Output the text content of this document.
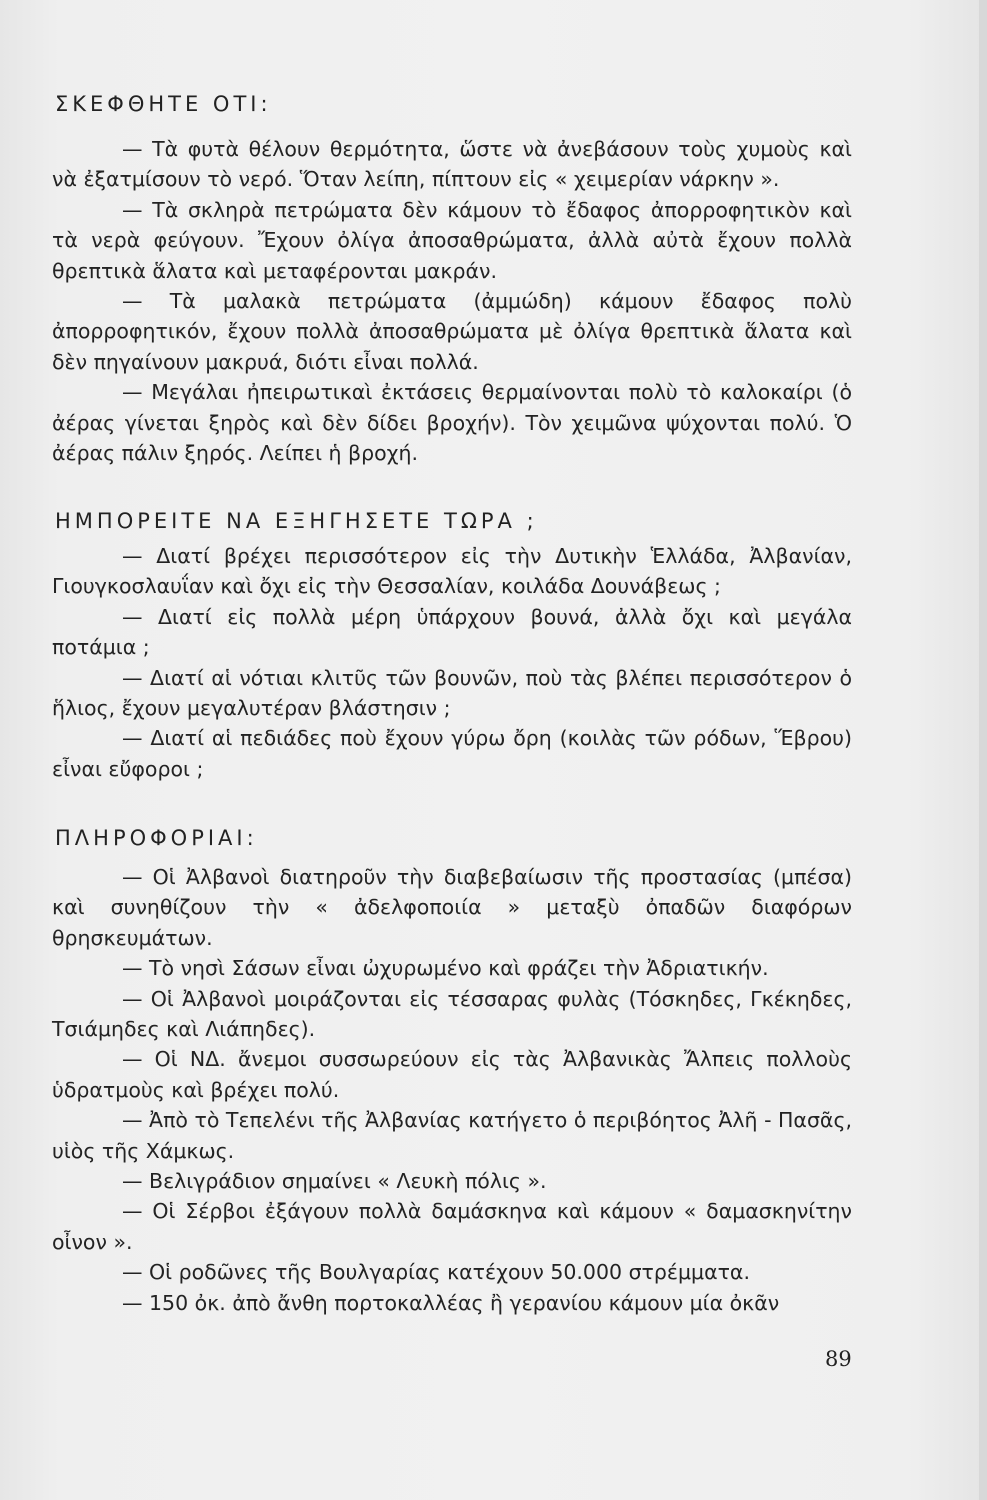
ΣΚΕΦΘΗΤΕ ΟΤΙ:

— Τὰ φυτὰ θέλουν θερμότητα, ὥστε νὰ ἀνεβάσουν τοὺς χυμοὺς καὶ νὰ ἐξατμίσουν τὸ νερό. Ὅταν λείπη, πίπτουν εἰς « χειμερίαν νάρκην ».

— Τὰ σκληρὰ πετρώματα δὲν κάμουν τὸ ἔδαφος ἀπορροφητικὸν καὶ τὰ νερὰ φεύγουν. Ἔχουν ὀλίγα ἀποσαθρώματα, ἀλλὰ αὐτὰ ἔχουν πολλὰ θρεπτικὰ ἅλατα καὶ μεταφέρονται μακράν.

— Τὰ μαλακὰ πετρώματα (ἀμμώδη) κάμουν ἔδαφος πολὺ ἀπορροφητικόν, ἔχουν πολλὰ ἀποσαθρώματα μὲ ὀλίγα θρεπτικὰ ἅλατα καὶ δὲν πηγαίνουν μακρυά, διότι εἶναι πολλά.

— Μεγάλαι ἠπειρωτικαὶ ἐκτάσεις θερμαίνονται πολὺ τὸ καλοκαίρι (ὁ ἀέρας γίνεται ξηρὸς καὶ δὲν δίδει βροχήν). Τὸν χειμῶνα ψύχονται πολύ. Ὁ ἀέρας πάλιν ξηρός. Λείπει ἡ βροχή.

ΗΜΠΟΡΕΙΤΕ ΝΑ ΕΞΗΓΗΣΕΤΕ ΤΩΡΑ ;

— Διατί βρέχει περισσότερον εἰς τὴν Δυτικὴν Ἑλλάδα, Ἀλβανίαν, Γιουγκοσλαυΐαν καὶ ὄχι εἰς τὴν Θεσσαλίαν, κοιλάδα Δουνάβεως ;

— Διατί εἰς πολλὰ μέρη ὑπάρχουν βουνά, ἀλλὰ ὄχι καὶ μεγάλα ποτάμια ;

— Διατί αἱ νότιαι κλιτῦς τῶν βουνῶν, ποὺ τὰς βλέπει περισσότερον ὁ ἥλιος, ἔχουν μεγαλυτέραν βλάστησιν ;

— Διατί αἱ πεδιάδες ποὺ ἔχουν γύρω ὄρη (κοιλὰς τῶν ρόδων, Ἕβρου) εἶναι εὔφοροι ;

ΠΛΗΡΟΦΟΡΙΑΙ:

— Οἱ Ἀλβανοὶ διατηροῦν τὴν διαβεβαίωσιν τῆς προστασίας (μπέσα) καὶ συνηθίζουν τὴν « ἀδελφοποιία » μεταξὺ ὀπαδῶν διαφόρων θρησκευμάτων.

— Τὸ νησὶ Σάσων εἶναι ὠχυρωμένο καὶ φράζει τὴν Ἀδριατικήν.

— Οἱ Ἀλβανοὶ μοιράζονται εἰς τέσσαρας φυλὰς (Τόσκηδες, Γκέκηδες, Τσιάμηδες καὶ Λιάπηδες).

— Οἱ ΝΔ. ἄνεμοι συσσωρεύουν εἰς τὰς Ἀλβανικὰς Ἄλπεις πολλοὺς ὑδρατμοὺς καὶ βρέχει πολύ.

— Ἀπὸ τὸ Τεπελένι τῆς Ἀλβανίας κατήγετο ὁ περιβόητος Ἀλῆ - Πασᾶς, υἱὸς τῆς Χάμκως.

— Βελιγράδιον σημαίνει « Λευκὴ πόλις ».

— Οἱ Σέρβοι ἐξάγουν πολλὰ δαμάσκηνα καὶ κάμουν « δαμασκηνίτην οἶνον ».

— Οἱ ροδῶνες τῆς Βουλγαρίας κατέχουν 50.000 στρέμματα.

— 150 ὀκ. ἀπὸ ἄνθη πορτοκαλλέας ἢ γερανίου κάμουν μία ὀκᾶν

89
